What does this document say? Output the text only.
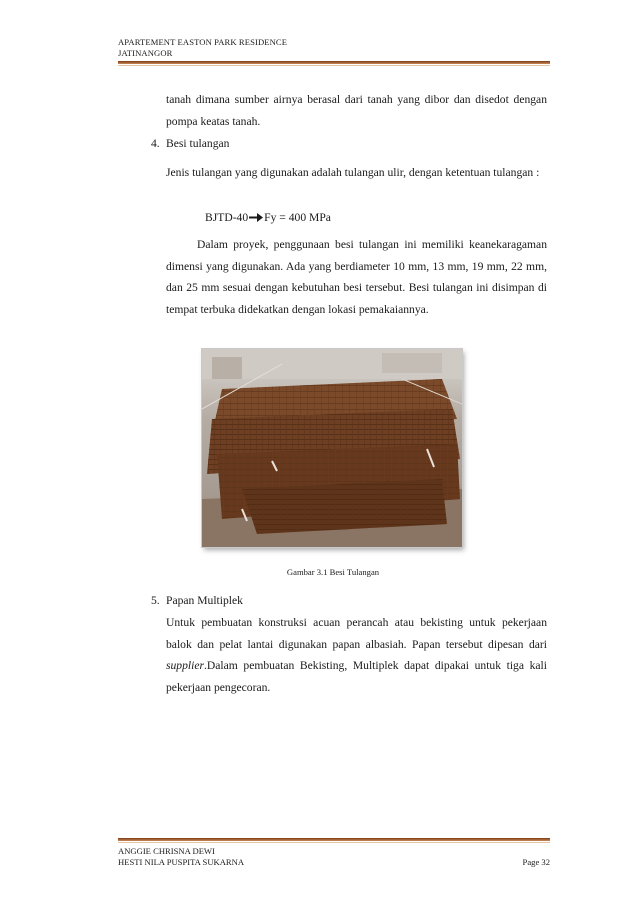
APARTEMENT EASTON PARK RESIDENCE
JATINANGOR
tanah dimana sumber airnya berasal dari tanah yang dibor dan disedot dengan pompa keatas tanah.
4. Besi tulangan
Jenis tulangan yang digunakan adalah tulangan ulir, dengan ketentuan tulangan :
BJTD-40 Fy = 400 MPa
Dalam proyek, penggunaan besi tulangan ini memiliki keanekaragaman dimensi yang digunakan. Ada yang berdiameter 10 mm, 13 mm, 19 mm, 22 mm, dan 25 mm sesuai dengan kebutuhan besi tersebut. Besi tulangan ini disimpan di tempat terbuka didekatkan dengan lokasi pemakaiannya.
Gambar 3.1 Besi Tulangan
5. Papan Multiplek
Untuk pembuatan konstruksi acuan perancah atau bekisting untuk pekerjaan balok dan pelat lantai digunakan papan albasiah. Papan tersebut dipesan dari supplier.Dalam pembuatan Bekisting, Multiplek dapat dipakai untuk tiga kali pekerjaan pengecoran.
ANGGIE CHRISNA DEWI
HESTI NILA PUSPITA SUKARNA	Page 32
